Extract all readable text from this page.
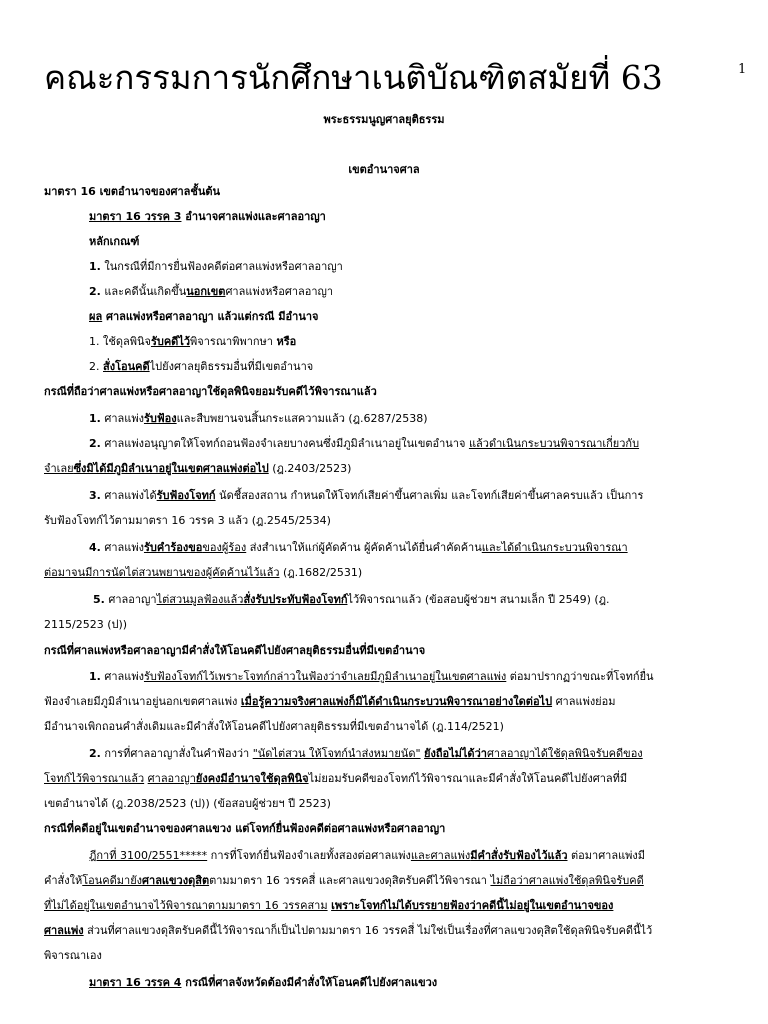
1
คณะกรรมการนักศึกษาเนติบัณฑิตสมัยที่ 63
พระธรรมนูญศาลยุติธรรม
เขตอำนาจศาล
มาตรา 16 เขตอำนาจของศาลชั้นต้น
มาตรา 16 วรรค 3 อำนาจศาลแพ่งและศาลอาญา
หลักเกณฑ์
1. ในกรณีที่มีการยื่นฟ้องคดีต่อศาลแพ่งหรือศาลอาญา
2. และคดีนั้นเกิดขึ้นนอกเขตศาลแพ่งหรือศาลอาญา
ผล ศาลแพ่งหรือศาลอาญา แล้วแต่กรณี มีอำนาจ
1. ใช้ดุลพินิจรับคดีไว้พิจารณาพิพากษา หรือ
2. สั่งโอนคดีไปยังศาลยุติธรรมอื่นที่มีเขตอำนาจ
กรณีที่ถือว่าศาลแพ่งหรือศาลอาญาใช้ดุลพินิจยอมรับคดีไว้พิจารณาแล้ว
1. ศาลแพ่งรับฟ้องและสืบพยานจนสิ้นกระแสความแล้ว (ฎ.6287/2538)
2. ศาลแพ่งอนุญาตให้โจทก์ถอนฟ้องจำเลยบางคนซึ่งมีภูมิลำเนาอยู่ในเขตอำนาจ แล้วดำเนินกระบวนพิจารณาเกี่ยวกับ
จำเลยซึ่งมิได้มีภูมิลำเนาอยู่ในเขตศาลแพ่งต่อไป (ฎ.2403/2523)
3. ศาลแพ่งได้รับฟ้องโจทก์ นัดชี้สองสถาน กำหนดให้โจทก์เสียค่าขึ้นศาลเพิ่ม และโจทก์เสียค่าขึ้นศาลครบแล้ว เป็นการ
รับฟ้องโจทก์ไว้ตามมาตรา 16 วรรค 3 แล้ว (ฎ.2545/2534)
4. ศาลแพ่งรับคำร้องขอของผู้ร้อง ส่งสำเนาให้แก่ผู้คัดค้าน ผู้คัดค้านได้ยื่นคำคัดค้านและได้ดำเนินกระบวนพิจารณา
ต่อมาจนมีการนัดไต่สวนพยานของผู้คัดค้านไว้แล้ว (ฎ.1682/2531)
5. ศาลอาญาไต่สวนมูลฟ้องแล้วสั่งรับประทับฟ้องโจทก์ไว้พิจารณาแล้ว (ข้อสอบผู้ช่วยฯ สนามเล็ก ปี 2549) (ฎ.
2115/2523 (ป))
กรณีที่ศาลแพ่งหรือศาลอาญามีคำสั่งให้โอนคดีไปยังศาลยุติธรรมอื่นที่มีเขตอำนาจ
1. ศาลแพ่งรับฟ้องโจทก์ไว้เพราะโจทก์กล่าวในฟ้องว่าจำเลยมีภูมิลำเนาอยู่ในเขตศาลแพ่ง ต่อมาปรากฏว่าขณะที่โจทก์ยื่น
ฟ้องจำเลยมีภูมิลำเนาอยู่นอกเขตศาลแพ่ง เมื่อรู้ความจริงศาลแพ่งก็มิได้ดำเนินกระบวนพิจารณาอย่างใดต่อไป ศาลแพ่งย่อม
มีอำนาจเพิกถอนคำสั่งเดิมและมีคำสั่งให้โอนคดีไปยังศาลยุติธรรมที่มีเขตอำนาจได้ (ฎ.114/2521)
2. การที่ศาลอาญาสั่งในคำฟ้องว่า "นัดไต่สวน ให้โจทก์นำส่งหมายนัด" ยังถือไม่ได้ว่าศาลอาญาได้ใช้ดุลพินิจรับคดีของ
โจทก์ไว้พิจารณาแล้ว ศาลอาญายังคงมีอำนาจใช้ดุลพินิจไม่ยอมรับคดีของโจทก์ไว้พิจารณาและมีคำสั่งให้โอนคดีไปยังศาลที่มี
เขตอำนาจได้ (ฎ.2038/2523 (ป)) (ข้อสอบผู้ช่วยฯ ปี 2523)
กรณีที่คดีอยู่ในเขตอำนาจของศาลแขวง แต่โจทก์ยื่นฟ้องคดีต่อศาลแพ่งหรือศาลอาญา
ฎีกาที่ 3100/2551***** การที่โจทก์ยื่นฟ้องจำเลยทั้งสองต่อศาลแพ่งและศาลแพ่งมีคำสั่งรับฟ้องไว้แล้ว ต่อมาศาลแพ่งมี
คำสั่งให้โอนคดีมายังศาลแขวงดุสิตตามมาตรา 16 วรรคสี่ และศาลแขวงดุสิตรับคดีไว้พิจารณา ไม่ถือว่าศาลแพ่งใช้ดุลพินิจรับคดี
ที่ไม่ได้อยู่ในเขตอำนาจไว้พิจารณาตามมาตรา 16 วรรคสาม เพราะโจทก์ไม่ได้บรรยายฟ้องว่าคดีนี้ไม่อยู่ในเขตอำนาจของ
ศาลแพ่ง ส่วนที่ศาลแขวงดุสิตรับคดีนี้ไว้พิจารณาก็เป็นไปตามมาตรา 16 วรรคสี่ ไม่ใช่เป็นเรื่องที่ศาลแขวงดุสิตใช้ดุลพินิจรับคดีนี้ไว้
พิจารณาเอง
มาตรา 16 วรรค 4 กรณีที่ศาลจังหวัดต้องมีคำสั่งให้โอนคดีไปยังศาลแขวง
